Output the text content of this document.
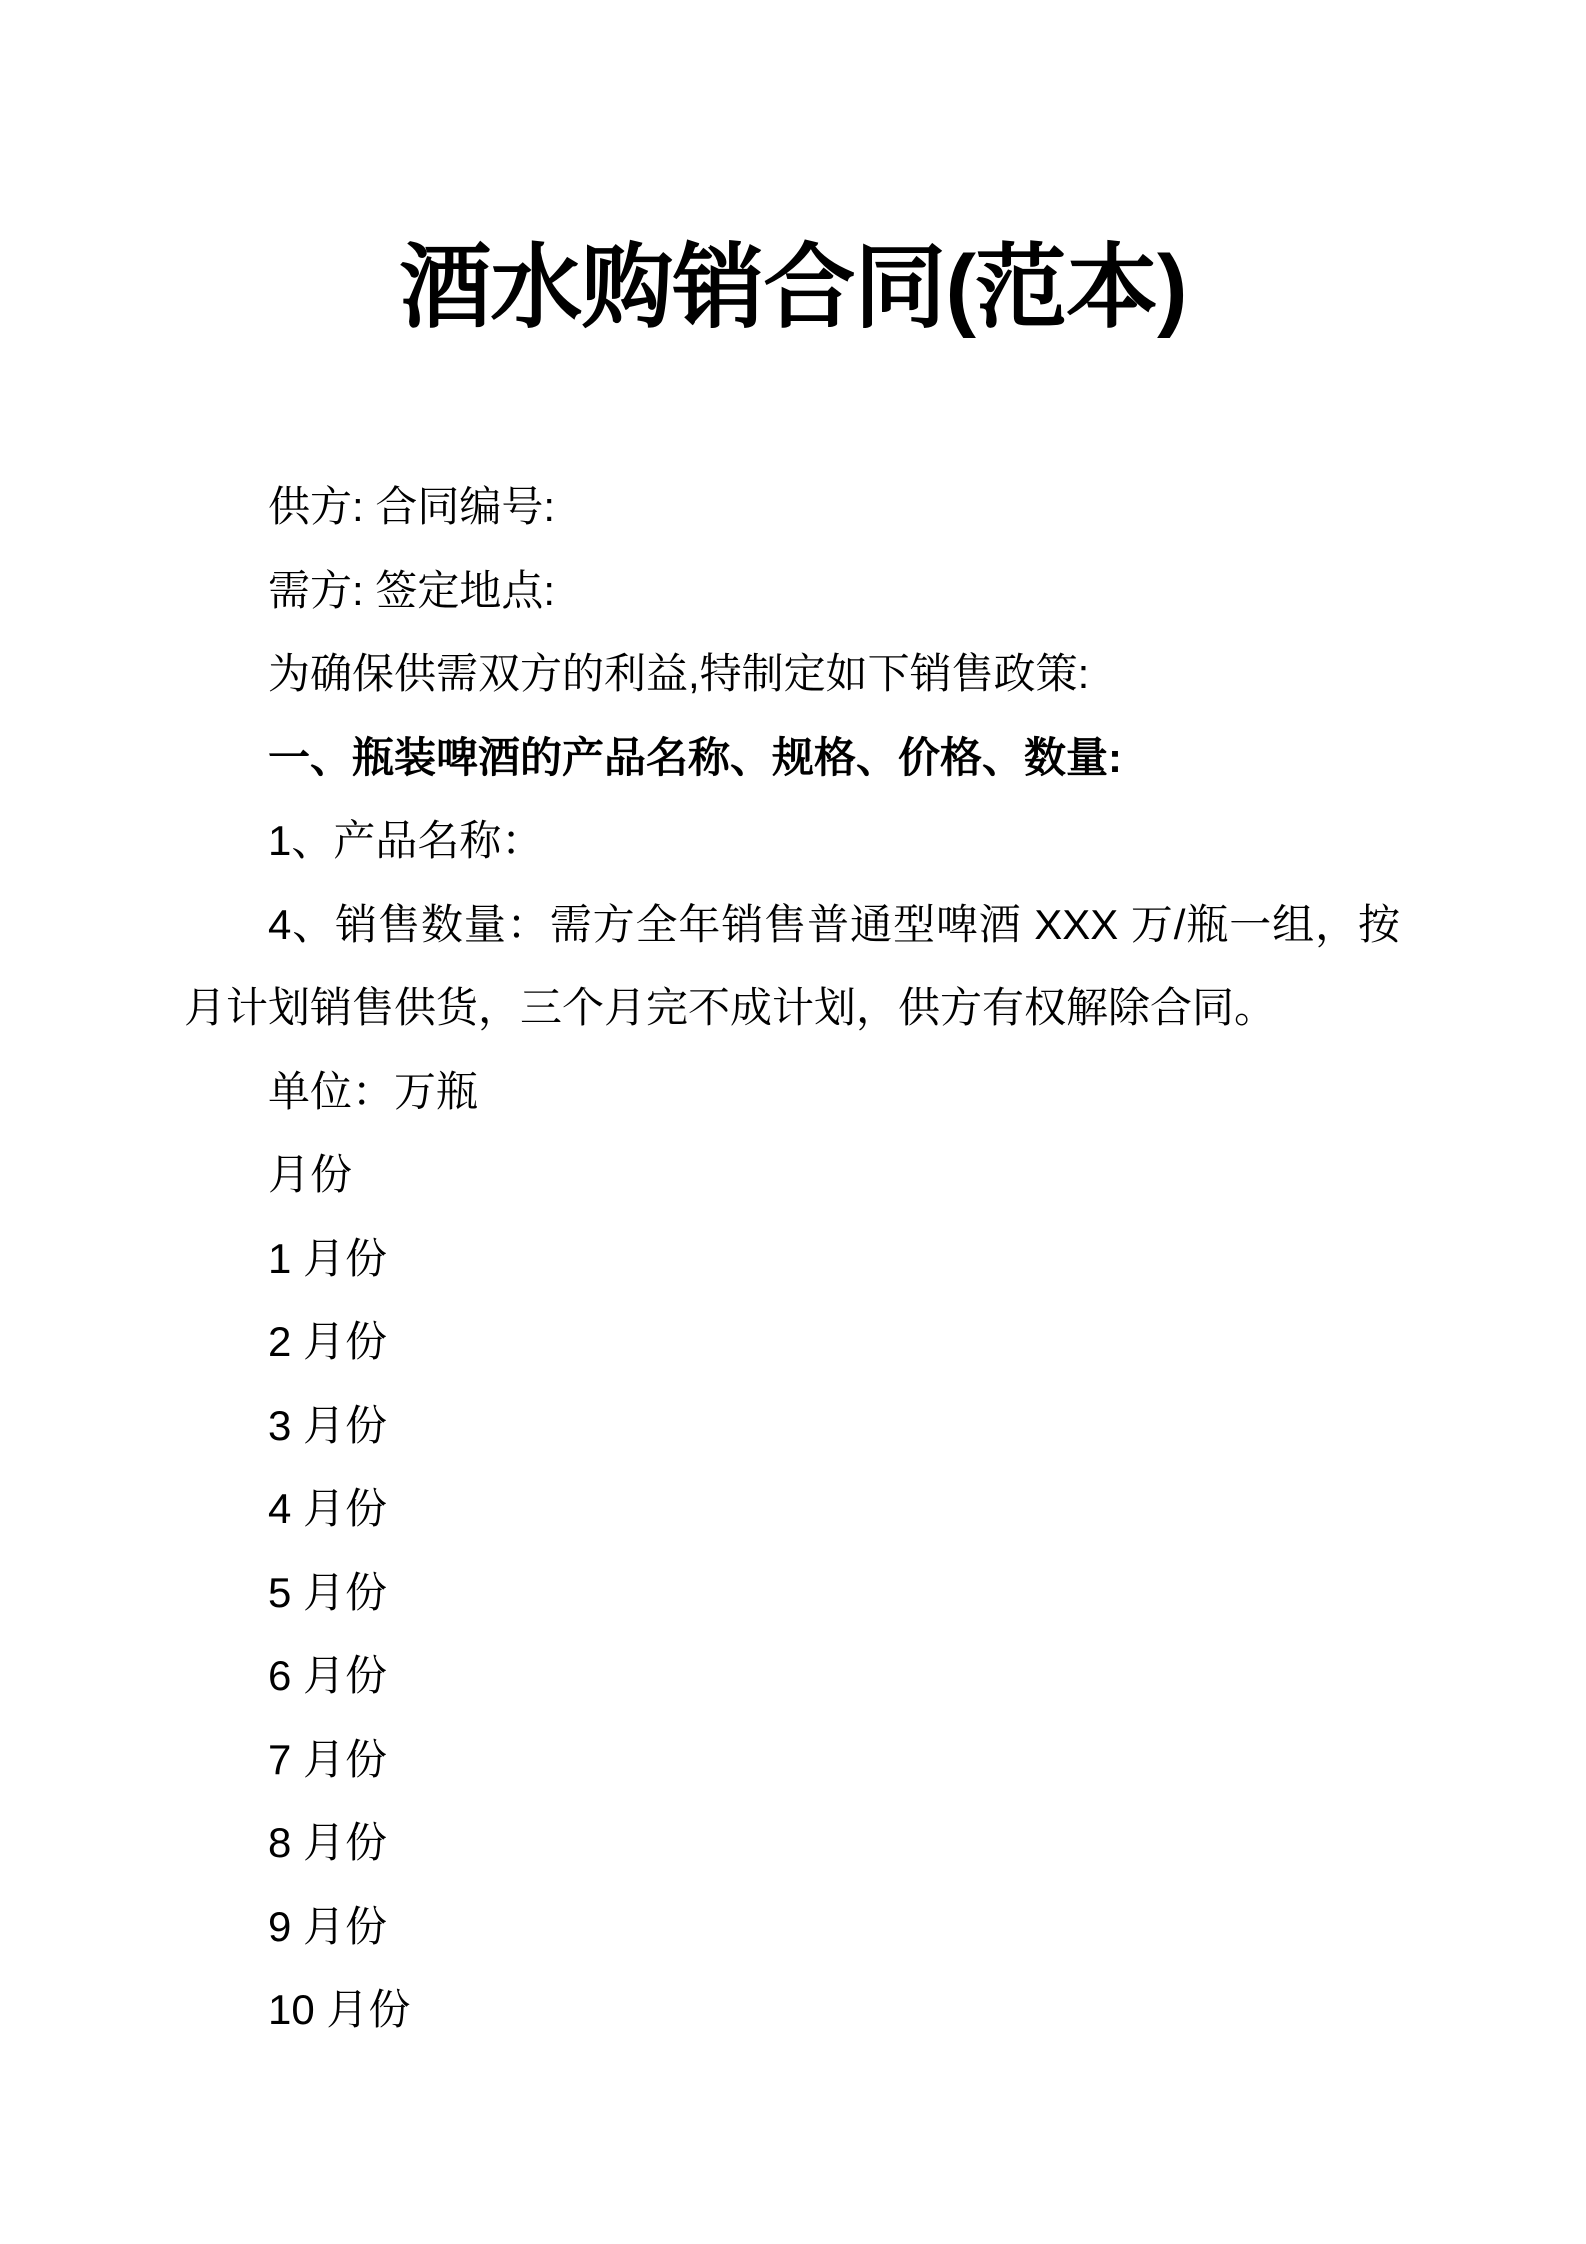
酒水购销合同(范本)
供方: 合同编号:
需方: 签定地点:
为确保供需双方的利益,特制定如下销售政策:
一、瓶装啤酒的产品名称、规格、价格、数量:
1、产品名称：
4、销售数量：需方全年销售普通型啤酒 XXX 万/瓶一组，按
月计划销售供货，三个月完不成计划，供方有权解除合同。
单位：万瓶
月份
1 月份
2 月份
3 月份
4 月份
5 月份
6 月份
7 月份
8 月份
9 月份
10 月份
